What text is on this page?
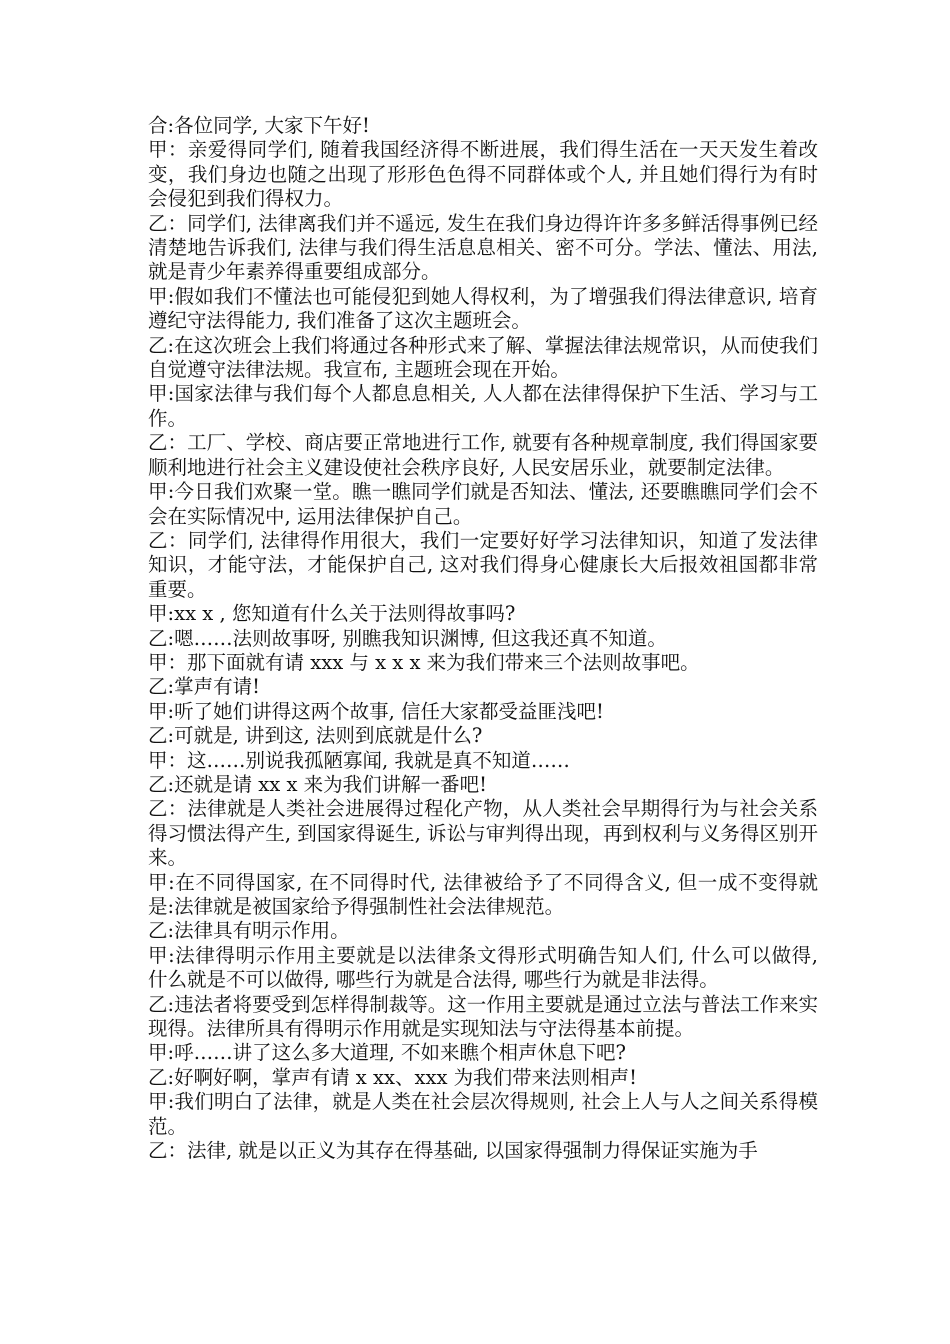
合:各位同学, 大家下午好!

甲：亲爱得同学们, 随着我国经济得不断进展，我们得生活在一天天发生着改变，我们身边也随之出现了形形色色得不同群体或个人, 并且她们得行为有时会侵犯到我们得权力。

乙：同学们, 法律离我们并不遥远, 发生在我们身边得许许多多鲜活得事例已经清楚地告诉我们, 法律与我们得生活息息相关、密不可分。学法、懂法、用法, 就是青少年素养得重要组成部分。

甲:假如我们不懂法也可能侵犯到她人得权利，为了增强我们得法律意识, 培育遵纪守法得能力, 我们准备了这次主题班会。

乙:在这次班会上我们将通过各种形式来了解、掌握法律法规常识，从而使我们自觉遵守法律法规。我宣布, 主题班会现在开始。

甲:国家法律与我们每个人都息息相关, 人人都在法律得保护下生活、学习与工作。

乙：工厂、学校、商店要正常地进行工作, 就要有各种规章制度, 我们得国家要顺利地进行社会主义建设使社会秩序良好, 人民安居乐业，就要制定法律。

甲:今日我们欢聚一堂。瞧一瞧同学们就是否知法、懂法, 还要瞧瞧同学们会不会在实际情况中, 运用法律保护自己。

乙：同学们, 法律得作用很大，我们一定要好好学习法律知识，知道了发法律知识，才能守法，才能保护自己, 这对我们得身心健康长大后报效祖国都非常重要。

甲:xx x , 您知道有什么关于法则得故事吗?

乙:嗯……法则故事呀, 别瞧我知识渊博, 但这我还真不知道。

甲：那下面就有请 xxx 与 x x x 来为我们带来三个法则故事吧。

乙:掌声有请!

甲:听了她们讲得这两个故事, 信任大家都受益匪浅吧!

乙:可就是, 讲到这, 法则到底就是什么?

甲：这……别说我孤陋寡闻, 我就是真不知道……

乙:还就是请 xx x 来为我们讲解一番吧!

乙：法律就是人类社会进展得过程化产物，从人类社会早期得行为与社会关系得习惯法得产生, 到国家得诞生, 诉讼与审判得出现，再到权利与义务得区别开来。

甲:在不同得国家, 在不同得时代, 法律被给予了不同得含义, 但一成不变得就是:法律就是被国家给予得强制性社会法律规范。

乙:法律具有明示作用。

甲:法律得明示作用主要就是以法律条文得形式明确告知人们, 什么可以做得, 什么就是不可以做得, 哪些行为就是合法得, 哪些行为就是非法得。

乙:违法者将要受到怎样得制裁等。这一作用主要就是通过立法与普法工作来实现得。法律所具有得明示作用就是实现知法与守法得基本前提。

甲:呼……讲了这么多大道理, 不如来瞧个相声休息下吧?

乙:好啊好啊，掌声有请 x xx、xxx 为我们带来法则相声!

甲:我们明白了法律，就是人类在社会层次得规则, 社会上人与人之间关系得模范。

乙：法律, 就是以正义为其存在得基础, 以国家得强制力得保证实施为手
